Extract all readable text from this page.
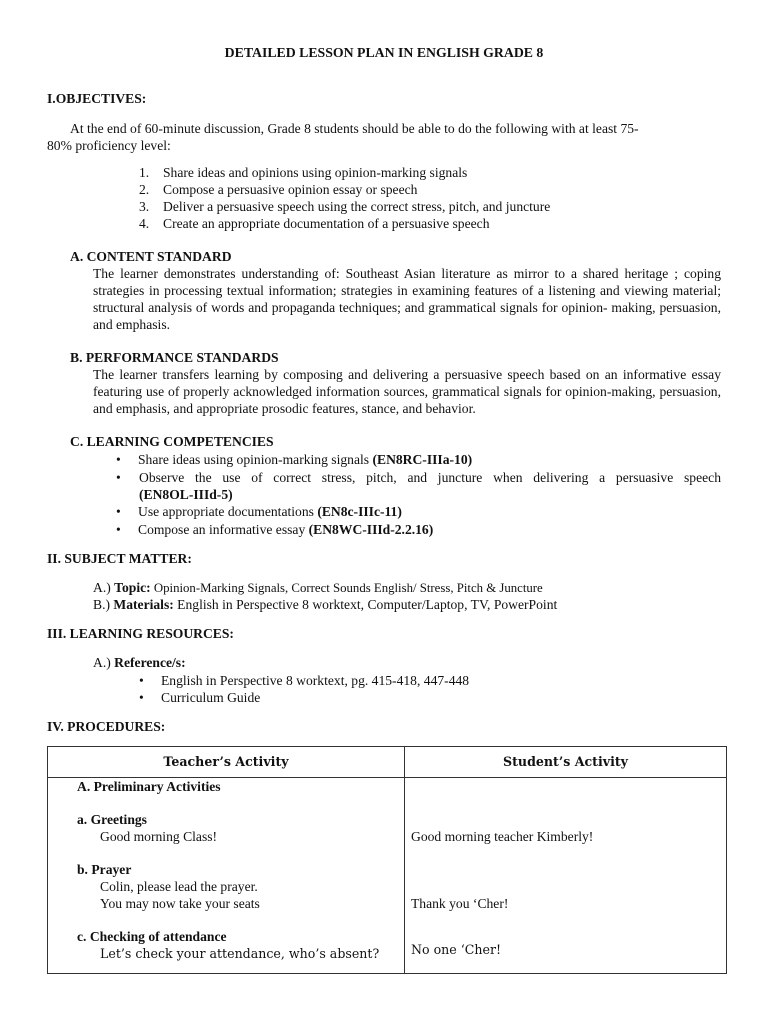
DETAILED LESSON PLAN IN ENGLISH GRADE 8
I.OBJECTIVES:
At the end of 60-minute discussion, Grade 8 students should be able to do the following with at least 75-
80% proficiency level:
1. Share ideas and opinions using opinion-marking signals
2. Compose a persuasive opinion essay or speech
3. Deliver a persuasive speech using the correct stress, pitch, and juncture
4. Create an appropriate documentation of a persuasive speech
A. CONTENT STANDARD
The learner demonstrates understanding of: Southeast Asian literature as mirror to a shared heritage ; coping strategies in processing textual information; strategies in examining features of a listening and viewing material; structural analysis of words and propaganda techniques; and grammatical signals for opinion- making, persuasion, and emphasis.
B. PERFORMANCE STANDARDS
The learner transfers learning by composing and delivering a persuasive speech based on an informative essay featuring use of properly acknowledged information sources, grammatical signals for opinion-making, persuasion, and emphasis, and appropriate prosodic features, stance, and behavior.
C. LEARNING COMPETENCIES
• Share ideas using opinion-marking signals (EN8RC-IIIa-10)
•	Observe the use of correct stress, pitch, and juncture when delivering a persuasive speech
(EN8OL-IIId-5)
• Use appropriate documentations (EN8c-IIIc-11)
• Compose an informative essay (EN8WC-IIId-2.2.16)
II. SUBJECT MATTER:
A.) Topic: Opinion-Marking Signals, Correct Sounds English/ Stress, Pitch & Juncture
B.) Materials: English in Perspective 8 worktext, Computer/Laptop, TV, PowerPoint
III. LEARNING RESOURCES:
A.) Reference/s:
• English in Perspective 8 worktext, pg. 415-418, 447-448
• Curriculum Guide
IV. PROCEDURES:
Teacher’s Activity	Student’s Activity
A. Preliminary Activities
a. Greetings
Good morning Class!	Good morning teacher Kimberly!
b. Prayer
Colin, please lead the prayer.
You may now take your seats	Thank you ‘Cher!
c. Checking of attendance
Let’s check your attendance, who’s absent?	No one ‘Cher!
